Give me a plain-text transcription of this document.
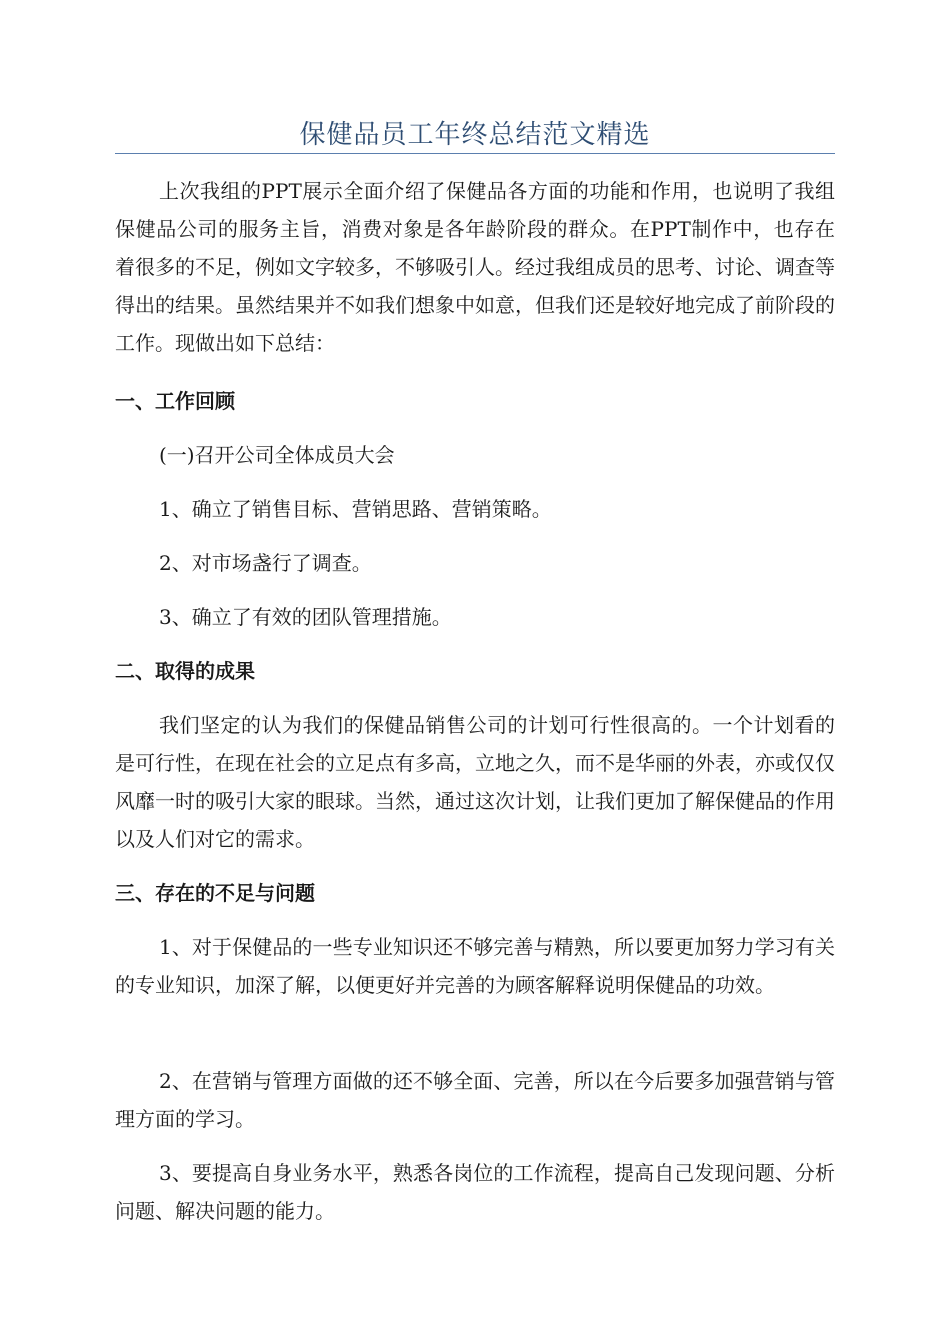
保健品员工年终总结范文精选

上次我组的PPT展示全面介绍了保健品各方面的功能和作用，也说明了我组保健品公司的服务主旨，消费对象是各年龄阶段的群众。在PPT制作中，也存在着很多的不足，例如文字较多，不够吸引人。经过我组成员的思考、讨论、调查等得出的结果。虽然结果并不如我们想象中如意，但我们还是较好地完成了前阶段的工作。现做出如下总结：

一、工作回顾

(一)召开公司全体成员大会

1、确立了销售目标、营销思路、营销策略。

2、对市场盏行了调查。

3、确立了有效的团队管理措施。

二、取得的成果

我们坚定的认为我们的保健品销售公司的计划可行性很高的。一个计划看的是可行性，在现在社会的立足点有多高，立地之久，而不是华丽的外表，亦或仅仅风靡一时的吸引大家的眼球。当然，通过这次计划，让我们更加了解保健品的作用以及人们对它的需求。

三、存在的不足与问题

1、对于保健品的一些专业知识还不够完善与精熟，所以要更加努力学习有关的专业知识，加深了解，以便更好并完善的为顾客解释说明保健品的功效。

2、在营销与管理方面做的还不够全面、完善，所以在今后要多加强营销与管理方面的学习。

3、要提高自身业务水平，熟悉各岗位的工作流程，提高自己发现问题、分析问题、解决问题的能力。
